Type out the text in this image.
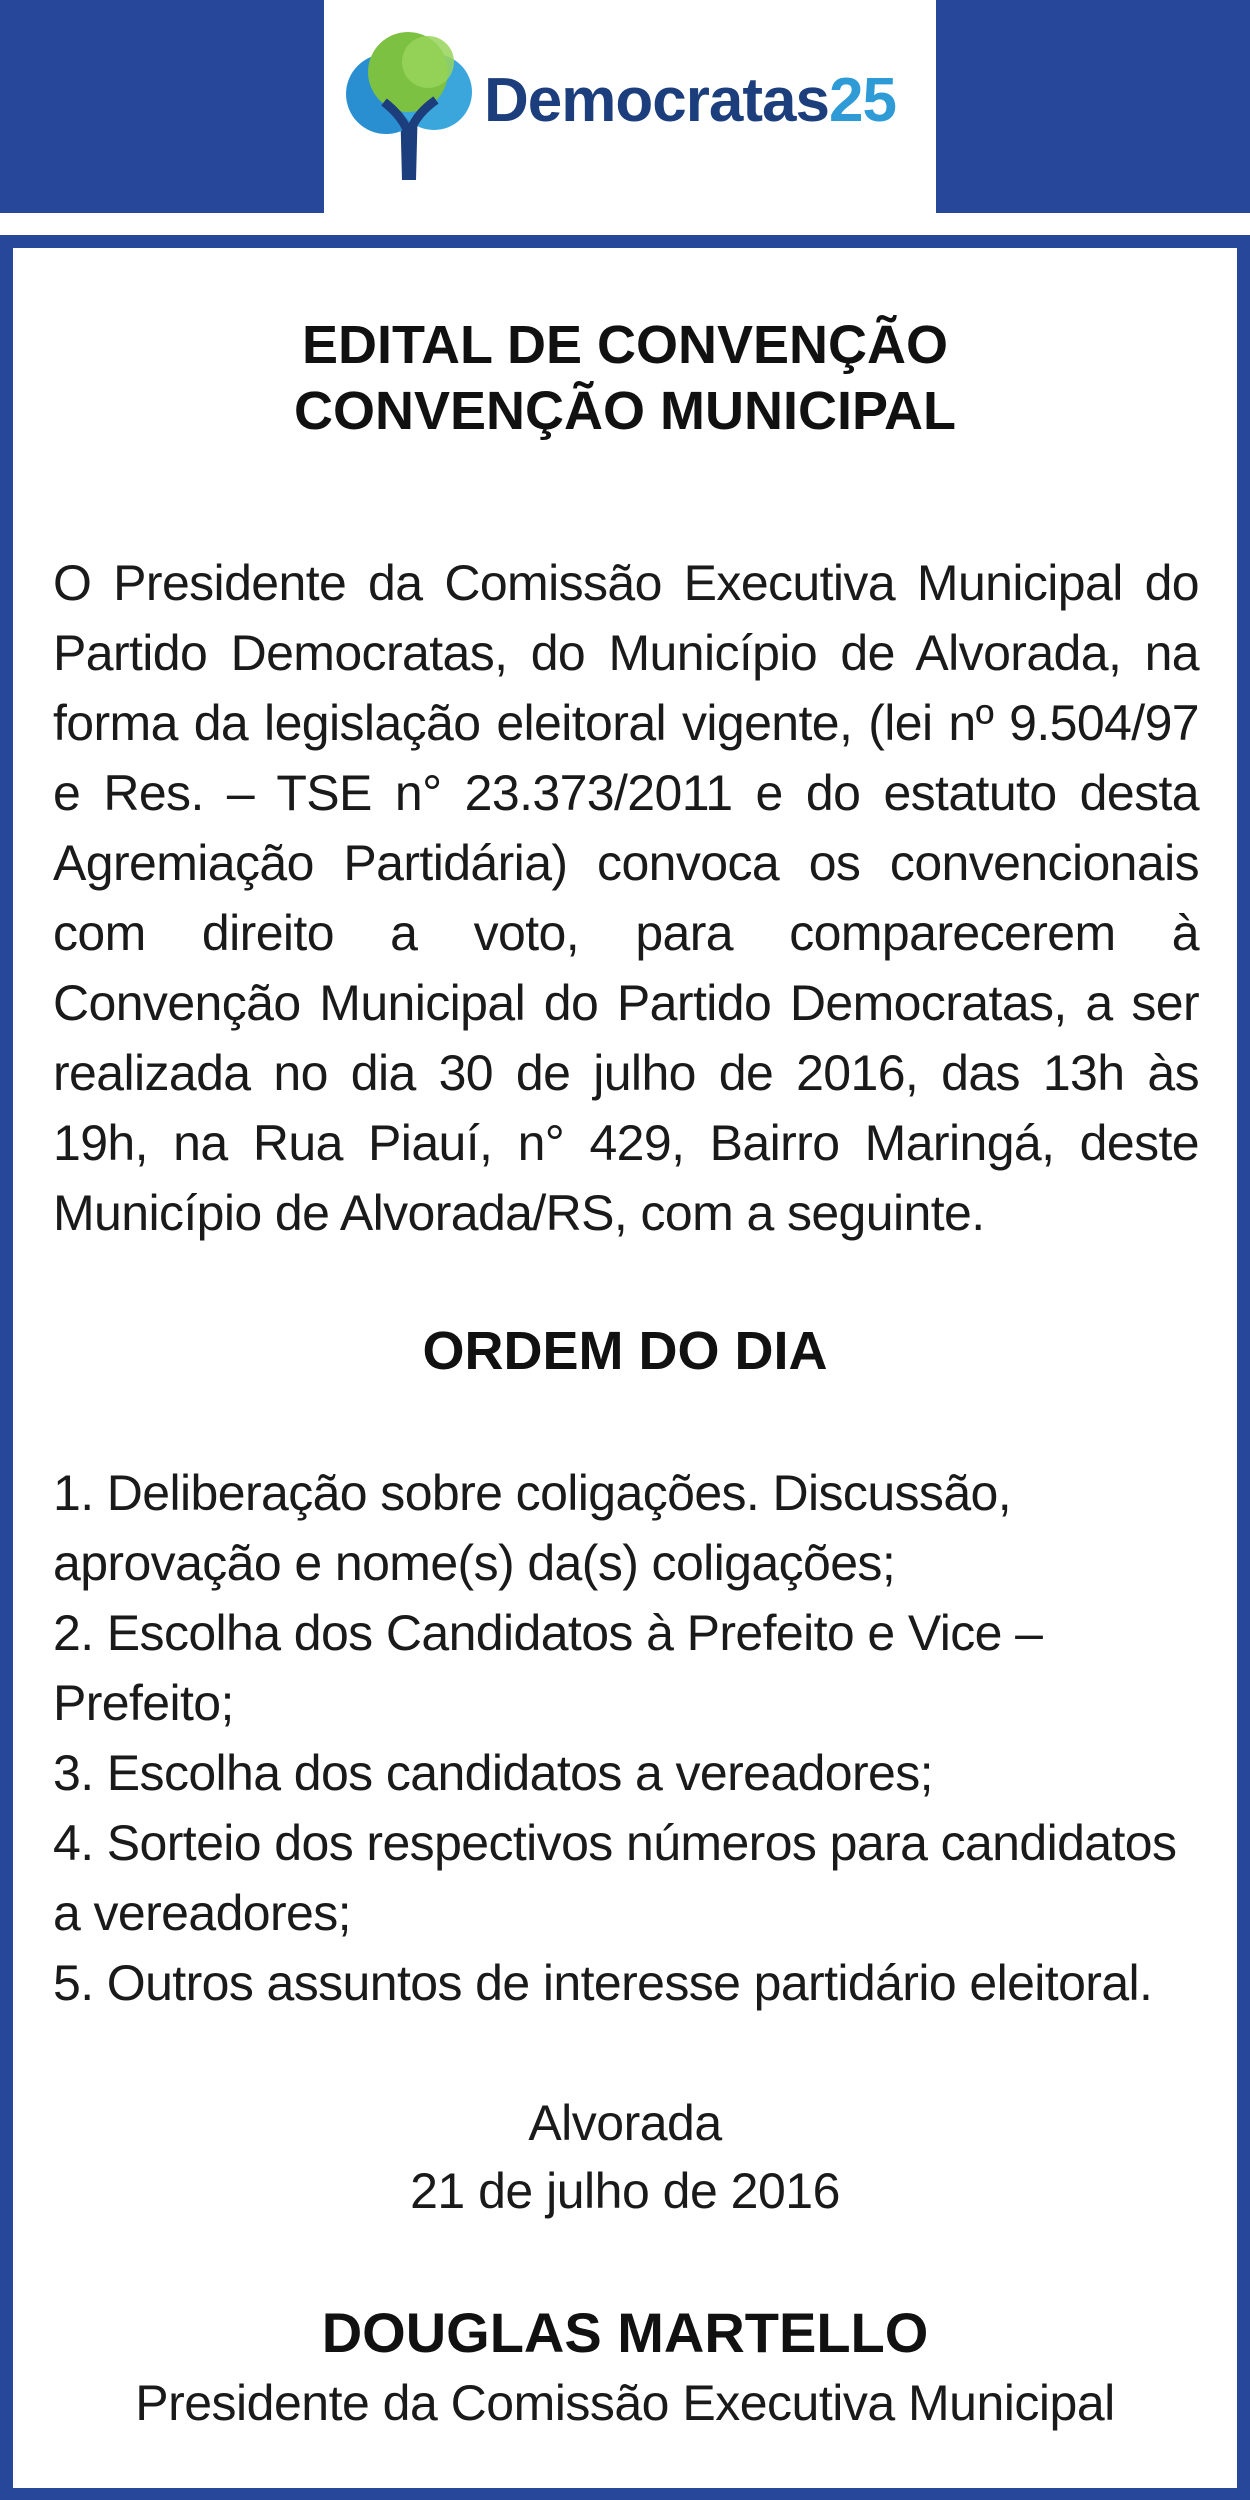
Democratas25
EDITAL DE CONVENÇÃO
CONVENÇÃO MUNICIPAL

O Presidente da Comissão Executiva Municipal do Partido Democratas, do Município de Alvorada, na forma da legislação eleitoral vigente, (lei nº 9.504/97 e Res. – TSE n° 23.373/2011 e do estatuto desta Agremiação Partidária) convoca os convencionais com direito a voto, para comparecerem à Convenção Municipal do Partido Democratas, a ser realizada no dia 30 de julho de 2016, das 13h às 19h, na Rua Piauí, n° 429, Bairro Maringá, deste Município de Alvorada/RS, com a seguinte.

ORDEM DO DIA
1. Deliberação sobre coligações. Discussão, aprovação e nome(s) da(s) coligações;
2. Escolha dos Candidatos à Prefeito e Vice – Prefeito;
3. Escolha dos candidatos a vereadores;
4. Sorteio dos respectivos números para candidatos a vereadores;
5. Outros assuntos de interesse partidário eleitoral.
Alvorada
21 de julho de 2016
DOUGLAS MARTELLO
Presidente da Comissão Executiva Municipal
